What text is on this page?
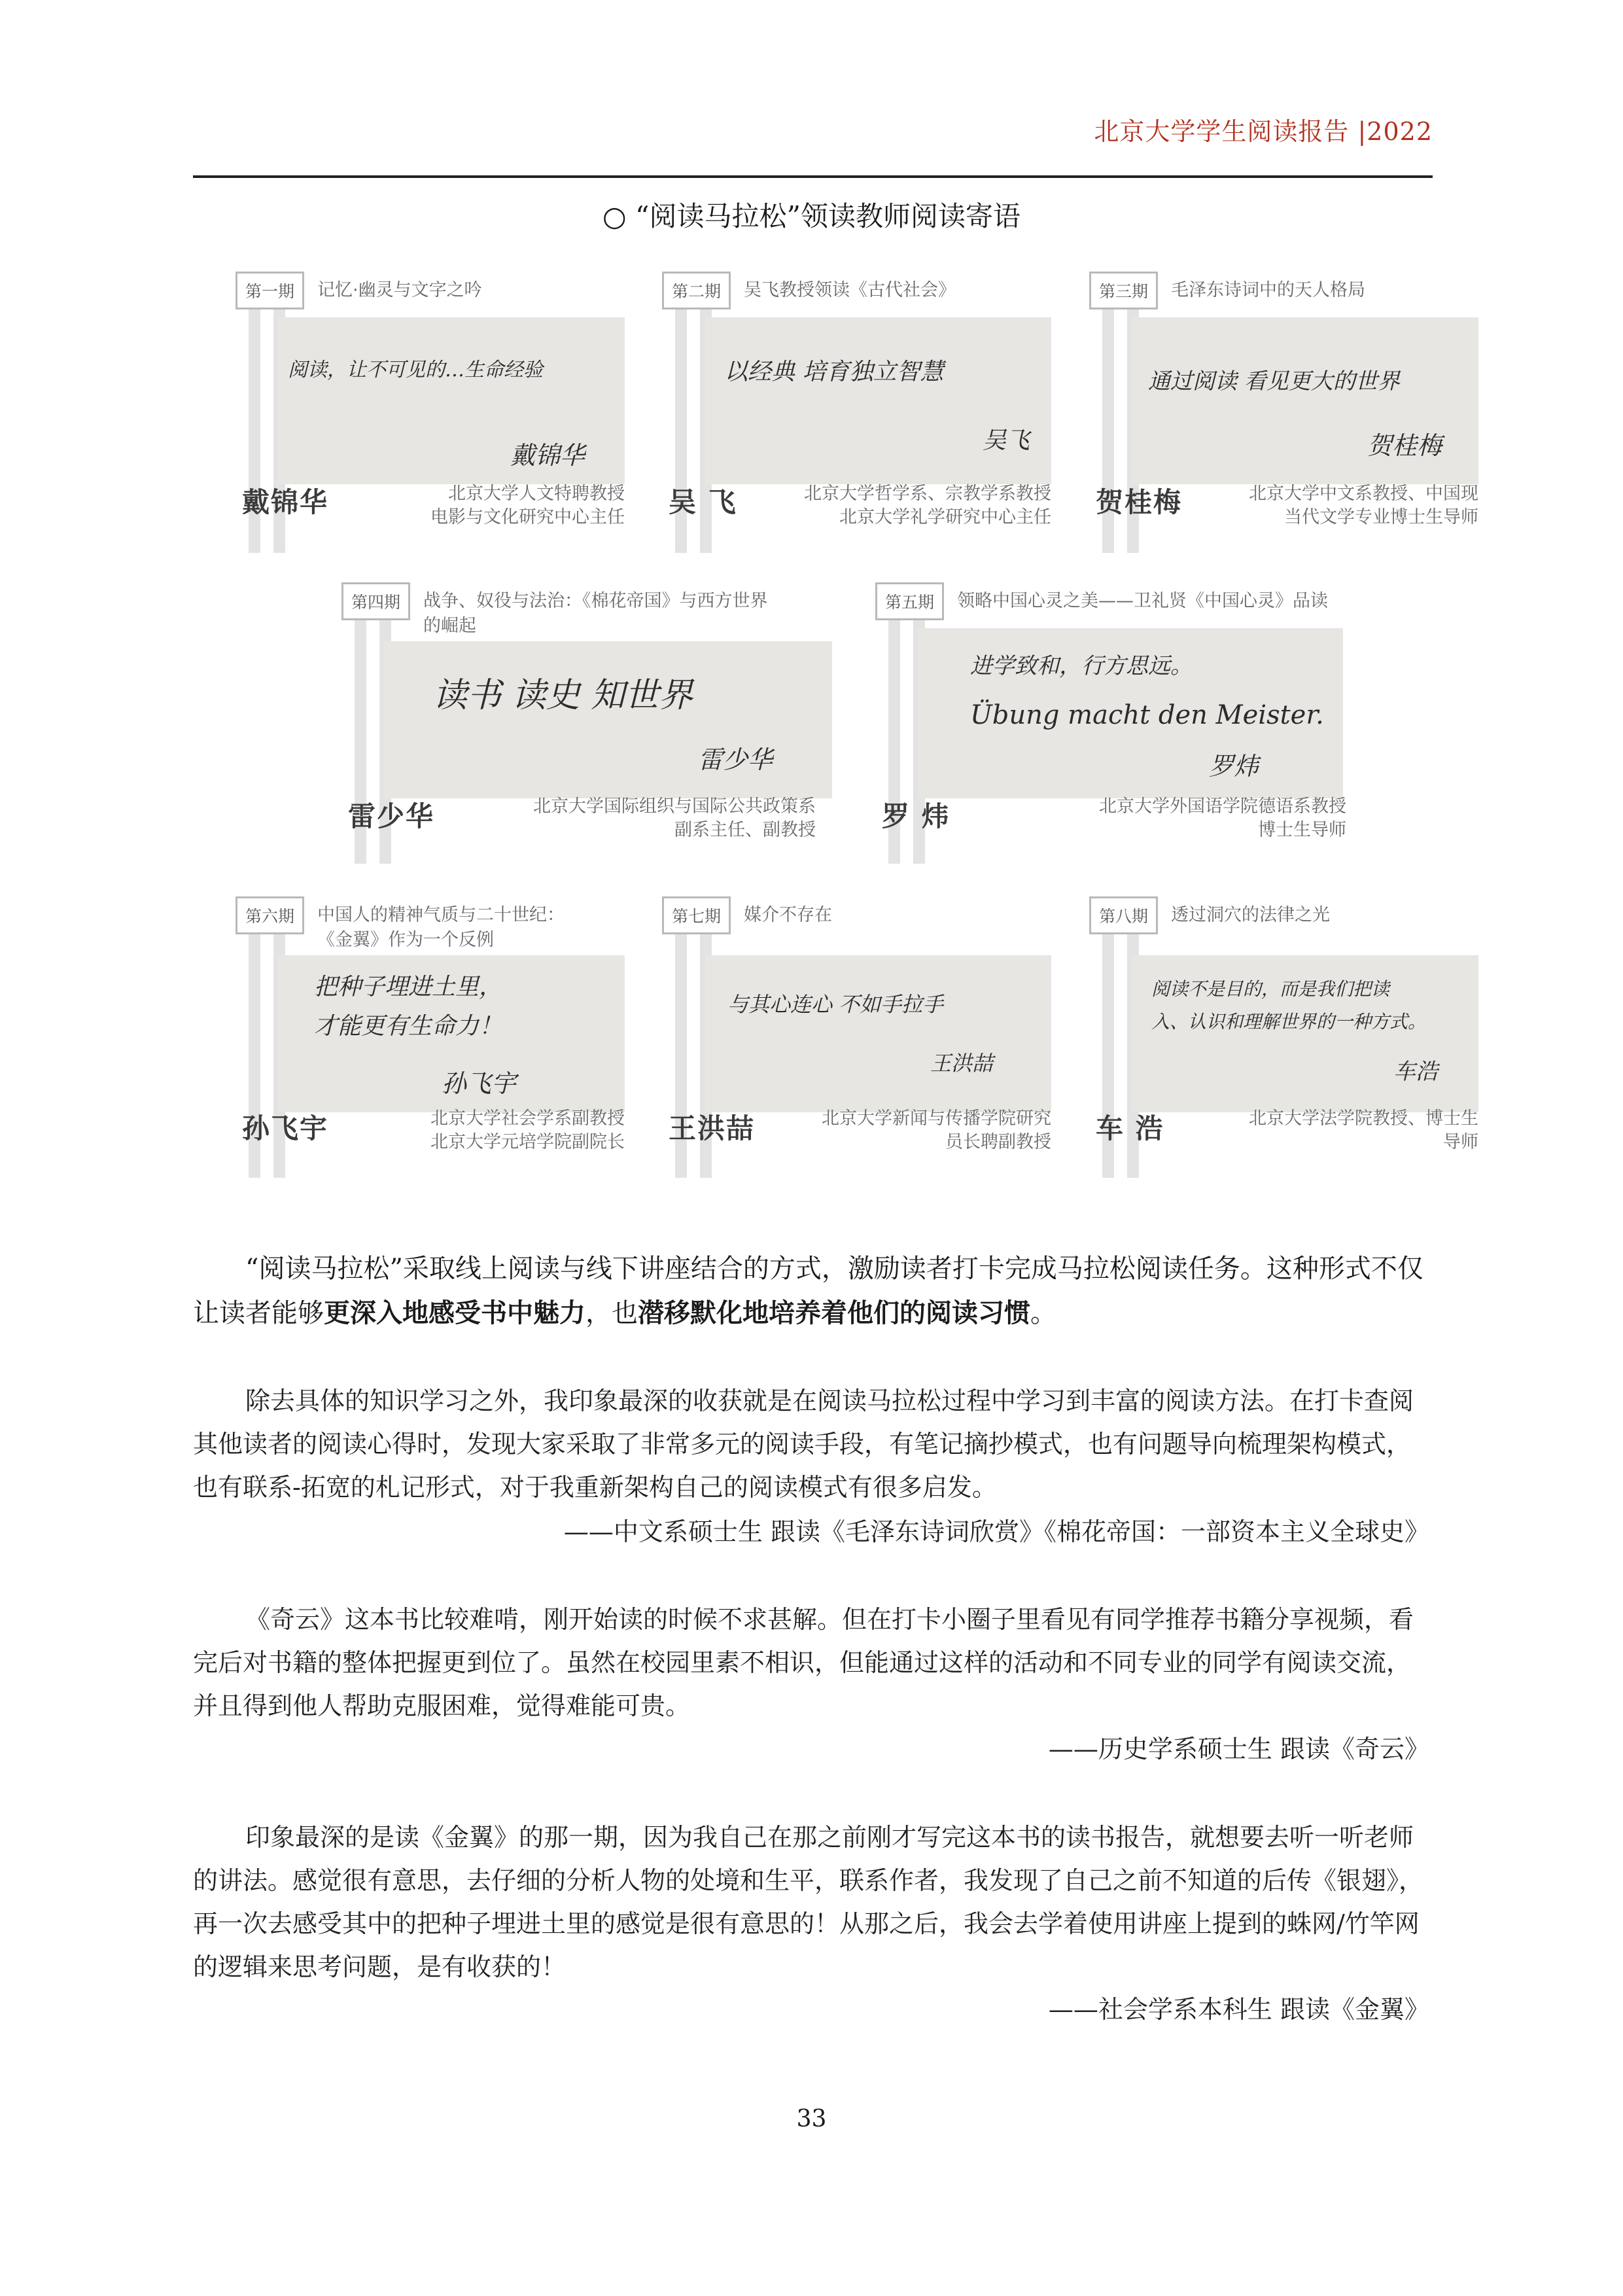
北京大学学生阅读报告 |2022
○ “阅读马拉松”领读教师阅读寄语
第一期	记忆·幽灵与文字之吟
阅读，让不可见的…生命经验
戴锦华
戴锦华	北京大学人文特聘教授
电影与文化研究中心主任
第二期	吴飞教授领读《古代社会》
以经典 培育独立智慧
吴飞
吴 飞	北京大学哲学系、宗教学系教授
北京大学礼学研究中心主任
第三期	毛泽东诗词中的天人格局
通过阅读 看见更大的世界
贺桂梅
贺桂梅	北京大学中文系教授、中国现
当代文学专业博士生导师
第四期	战争、奴役与法治：《棉花帝国》与西方世界
的崛起
读书 读史 知世界
雷少华
雷少华	北京大学国际组织与国际公共政策系
副系主任、副教授
第五期	领略中国心灵之美——卫礼贤《中国心灵》品读
进学致和，行方思远。
Übung macht den Meister.
罗炜
罗 炜	北京大学外国语学院德语系教授
博士生导师
第六期	中国人的精神气质与二十世纪：
《金翼》作为一个反例
把种子埋进土里，
才能更有生命力！
孙飞宇
孙飞宇	北京大学社会学系副教授
北京大学元培学院副院长
第七期	媒介不存在
与其心连心 不如手拉手
王洪喆
王洪喆	北京大学新闻与传播学院研究
员长聘副教授
第八期	透过洞穴的法律之光
阅读不是目的，而是我们把读
入、认识和理解世界的一种方式。
车浩
车 浩	北京大学法学院教授、博士生
导师
“阅读马拉松”采取线上阅读与线下讲座结合的方式，激励读者打卡完成马拉松阅读任务。这种形式不仅让读者能够更深入地感受书中魅力，也潜移默化地培养着他们的阅读习惯。
除去具体的知识学习之外，我印象最深的收获就是在阅读马拉松过程中学习到丰富的阅读方法。在打卡查阅其他读者的阅读心得时，发现大家采取了非常多元的阅读手段，有笔记摘抄模式，也有问题导向梳理架构模式，也有联系-拓宽的札记形式，对于我重新架构自己的阅读模式有很多启发。
——中文系硕士生 跟读《毛泽东诗词欣赏》《棉花帝国：一部资本主义全球史》
《奇云》这本书比较难啃，刚开始读的时候不求甚解。但在打卡小圈子里看见有同学推荐书籍分享视频，看完后对书籍的整体把握更到位了。虽然在校园里素不相识，但能通过这样的活动和不同专业的同学有阅读交流，并且得到他人帮助克服困难，觉得难能可贵。
——历史学系硕士生 跟读《奇云》
印象最深的是读《金翼》的那一期，因为我自己在那之前刚才写完这本书的读书报告，就想要去听一听老师的讲法。感觉很有意思，去仔细的分析人物的处境和生平，联系作者，我发现了自己之前不知道的后传《银翅》，再一次去感受其中的把种子埋进土里的感觉是很有意思的！从那之后，我会去学着使用讲座上提到的蛛网/竹竿网的逻辑来思考问题，是有收获的！
——社会学系本科生 跟读《金翼》
33
